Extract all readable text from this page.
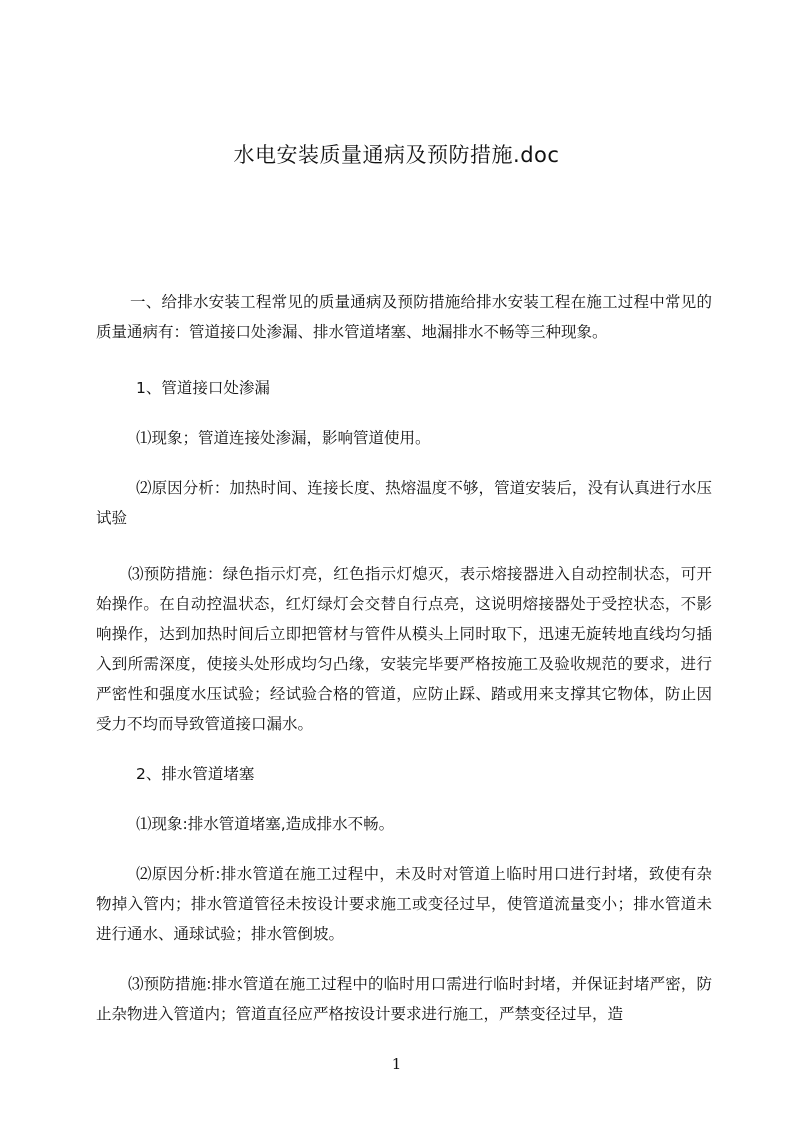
水电安装质量通病及预防措施.doc

一、给排水安装工程常见的质量通病及预防措施给排水安装工程在施工过程中常见的质量通病有：管道接口处渗漏、排水管道堵塞、地漏排水不畅等三种现象。

1、管道接口处渗漏

⑴现象；管道连接处渗漏，影响管道使用。

⑵原因分析：加热时间、连接长度、热熔温度不够，管道安装后，没有认真进行水压试验

⑶预防措施：绿色指示灯亮，红色指示灯熄灭，表示熔接器进入自动控制状态，可开始操作。在自动控温状态，红灯绿灯会交替自行点亮，这说明熔接器处于受控状态，不影响操作，达到加热时间后立即把管材与管件从模头上同时取下，迅速无旋转地直线均匀插入到所需深度，使接头处形成均匀凸缘，安装完毕要严格按施工及验收规范的要求，进行严密性和强度水压试验；经试验合格的管道，应防止踩、踏或用来支撑其它物体，防止因受力不均而导致管道接口漏水。

2、排水管道堵塞

⑴现象:排水管道堵塞,造成排水不畅。

⑵原因分析:排水管道在施工过程中，未及时对管道上临时用口进行封堵，致使有杂物掉入管内；排水管道管径未按设计要求施工或变径过早，使管道流量变小；排水管道未进行通水、通球试验；排水管倒坡。

⑶预防措施:排水管道在施工过程中的临时用口需进行临时封堵，并保证封堵严密，防止杂物进入管道内；管道直径应严格按设计要求进行施工，严禁变径过早，造

1
